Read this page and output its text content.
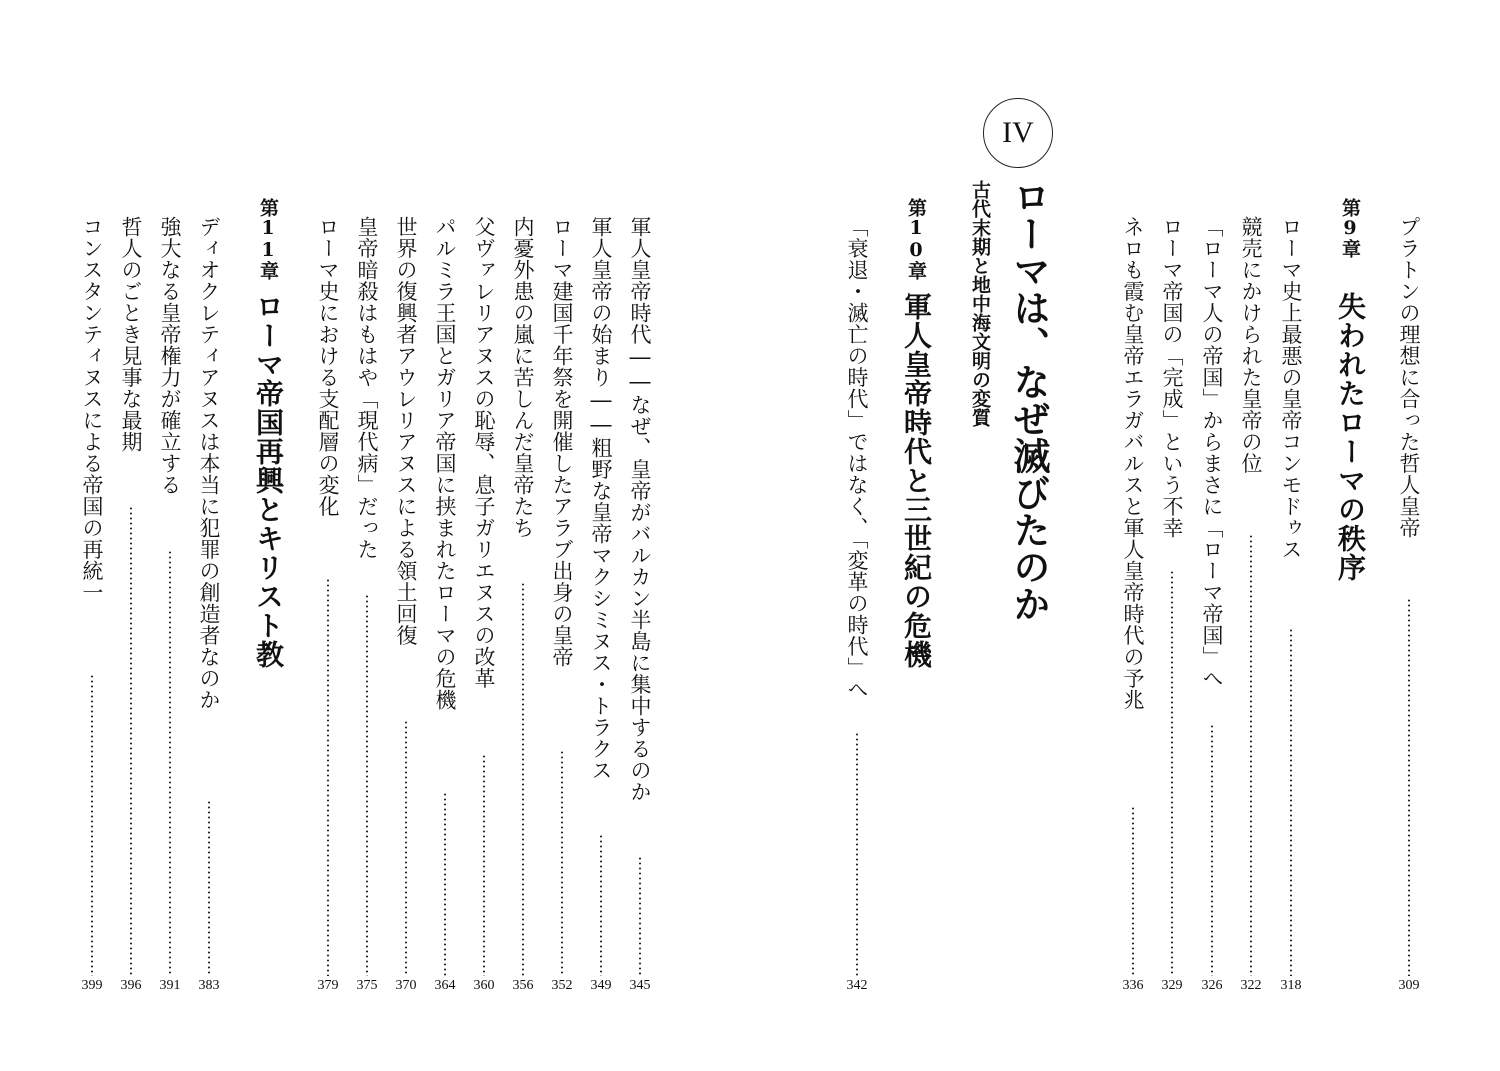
IV
ローマは、なぜ滅びたのか
古代末期と地中海文明の変質	第9章
失われたローマの秩序
第10章
軍人皇帝時代と三世紀の危機
第11章
ローマ帝国再興とキリスト教	プラトンの理想に合った哲人皇帝
309
ローマ史上最悪の皇帝コンモドゥス
318
競売にかけられた皇帝の位
322
「ローマ人の帝国」からまさに「ローマ帝国」へ
326
ローマ帝国の「完成」という不幸
329
ネロも霞む皇帝エラガバルスと軍人皇帝時代の予兆
336
「衰退・滅亡の時代」ではなく、「変革の時代」へ
342
軍人皇帝時代――なぜ、皇帝がバルカン半島に集中するのか
345
軍人皇帝の始まり――粗野な皇帝マクシミヌス・トラクス
349
ローマ建国千年祭を開催したアラブ出身の皇帝
352
内憂外患の嵐に苦しんだ皇帝たち
356
父ヴァレリアヌスの恥辱、息子ガリエヌスの改革
360
パルミラ王国とガリア帝国に挟まれたローマの危機
364
世界の復興者アウレリアヌスによる領土回復
370
皇帝暗殺はもはや「現代病」だった
375
ローマ史における支配層の変化
379
ディオクレティアヌスは本当に犯罪の創造者なのか
383
強大なる皇帝権力が確立する
391
哲人のごとき見事な最期
396
コンスタンティヌスによる帝国の再統一
399
